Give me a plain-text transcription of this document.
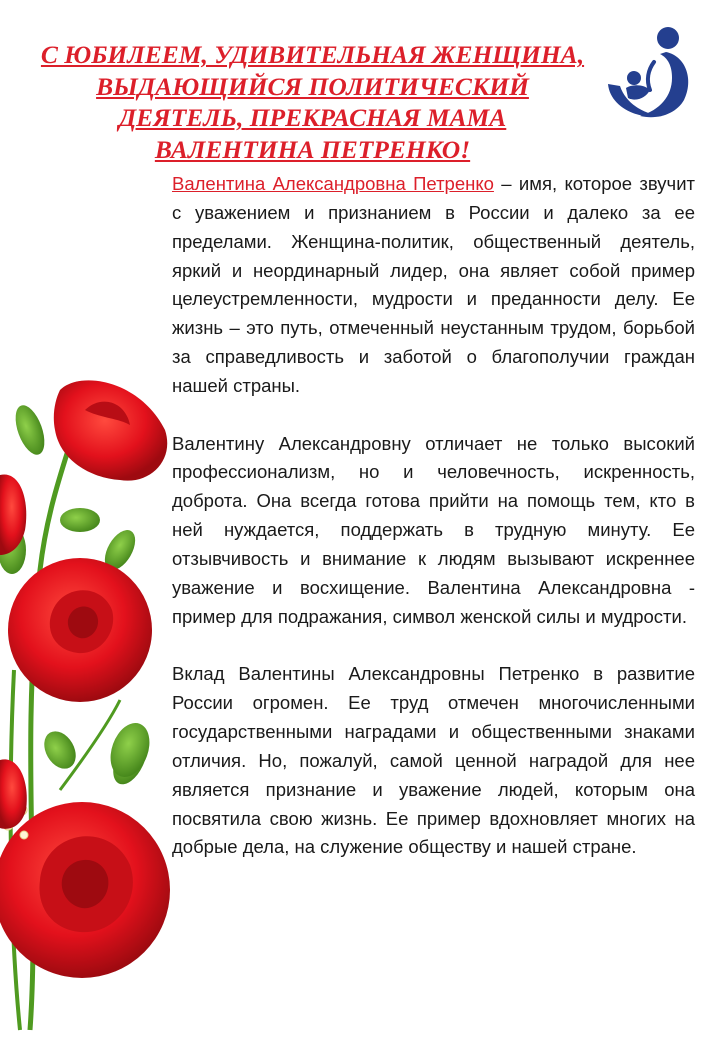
С ЮБИЛЕЕМ, УДИВИТЕЛЬНАЯ ЖЕНЩИНА,
ВЫДАЮЩИЙСЯ ПОЛИТИЧЕСКИЙ
ДЕЯТЕЛЬ, ПРЕКРАСНАЯ МАМА
ВАЛЕНТИНА ПЕТРЕНКО!

Валентина Александровна Петренко – имя, которое звучит с уважением и признанием в России и далеко за ее пределами. Женщина-политик, общественный деятель, яркий и неординарный лидер, она являет собой пример целеустремленности, мудрости и преданности делу. Ее жизнь – это путь, отмеченный неустанным трудом, борьбой за справедливость и заботой о благополучии граждан нашей страны.

Валентину Александровну отличает не только высокий профессионализм, но и человечность, искренность, доброта. Она всегда готова прийти на помощь тем, кто в ней нуждается, поддержать в трудную минуту. Ее отзывчивость и внимание к людям вызывают искреннее уважение и восхищение. Валентина Александровна - пример для подражания, символ женской силы и мудрости.

Вклад Валентины Александровны Петренко в развитие России огромен. Ее труд отмечен многочисленными государственными наградами и общественными знаками отличия. Но, пожалуй, самой ценной наградой для нее является признание и уважение людей, которым она посвятила свою жизнь. Ее пример вдохновляет многих на добрые дела, на служение обществу и нашей стране.
